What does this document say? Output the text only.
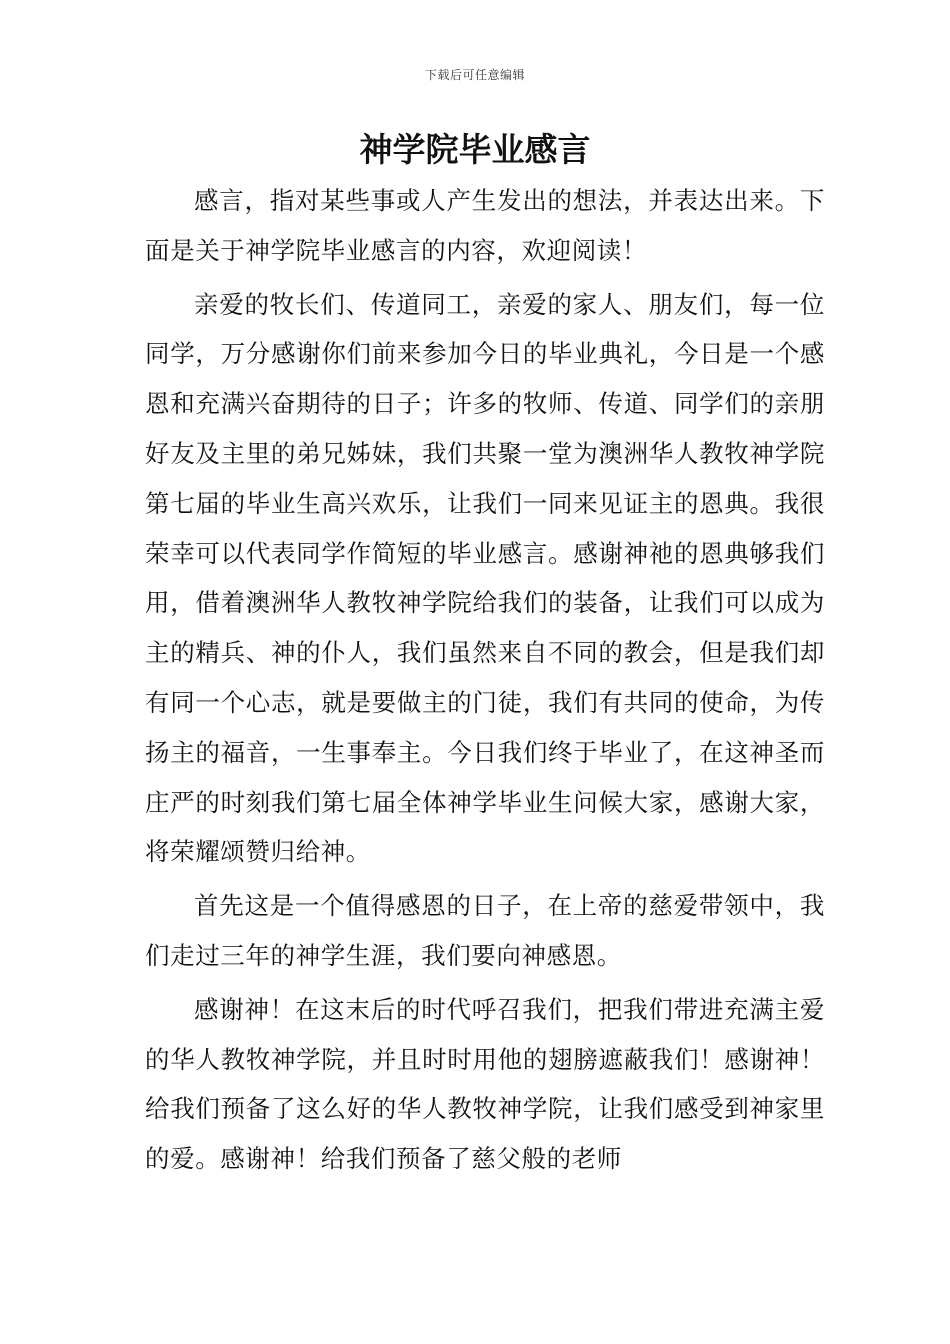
下载后可任意编辑
神学院毕业感言

感言，指对某些事或人产生发出的想法，并表达出来。下面是关于神学院毕业感言的内容，欢迎阅读！

亲爱的牧长们、传道同工，亲爱的家人、朋友们，每一位同学，万分感谢你们前来参加今日的毕业典礼，今日是一个感恩和充满兴奋期待的日子；许多的牧师、传道、同学们的亲朋好友及主里的弟兄姊妹，我们共聚一堂为澳洲华人教牧神学院第七届的毕业生高兴欢乐，让我们一同来见证主的恩典。我很荣幸可以代表同学作简短的毕业感言。感谢神祂的恩典够我们用，借着澳洲华人教牧神学院给我们的装备，让我们可以成为主的精兵、神的仆人，我们虽然来自不同的教会，但是我们却有同一个心志，就是要做主的门徒，我们有共同的使命，为传扬主的福音，一生事奉主。今日我们终于毕业了，在这神圣而庄严的时刻我们第七届全体神学毕业生问候大家，感谢大家，将荣耀颂赞归给神。

首先这是一个值得感恩的日子，在上帝的慈爱带领中，我们走过三年的神学生涯，我们要向神感恩。

感谢神！在这末后的时代呼召我们，把我们带进充满主爱的华人教牧神学院，并且时时用他的翅膀遮蔽我们！感谢神！给我们预备了这么好的华人教牧神学院，让我们感受到神家里的爱。感谢神！给我们预备了慈父般的老师
